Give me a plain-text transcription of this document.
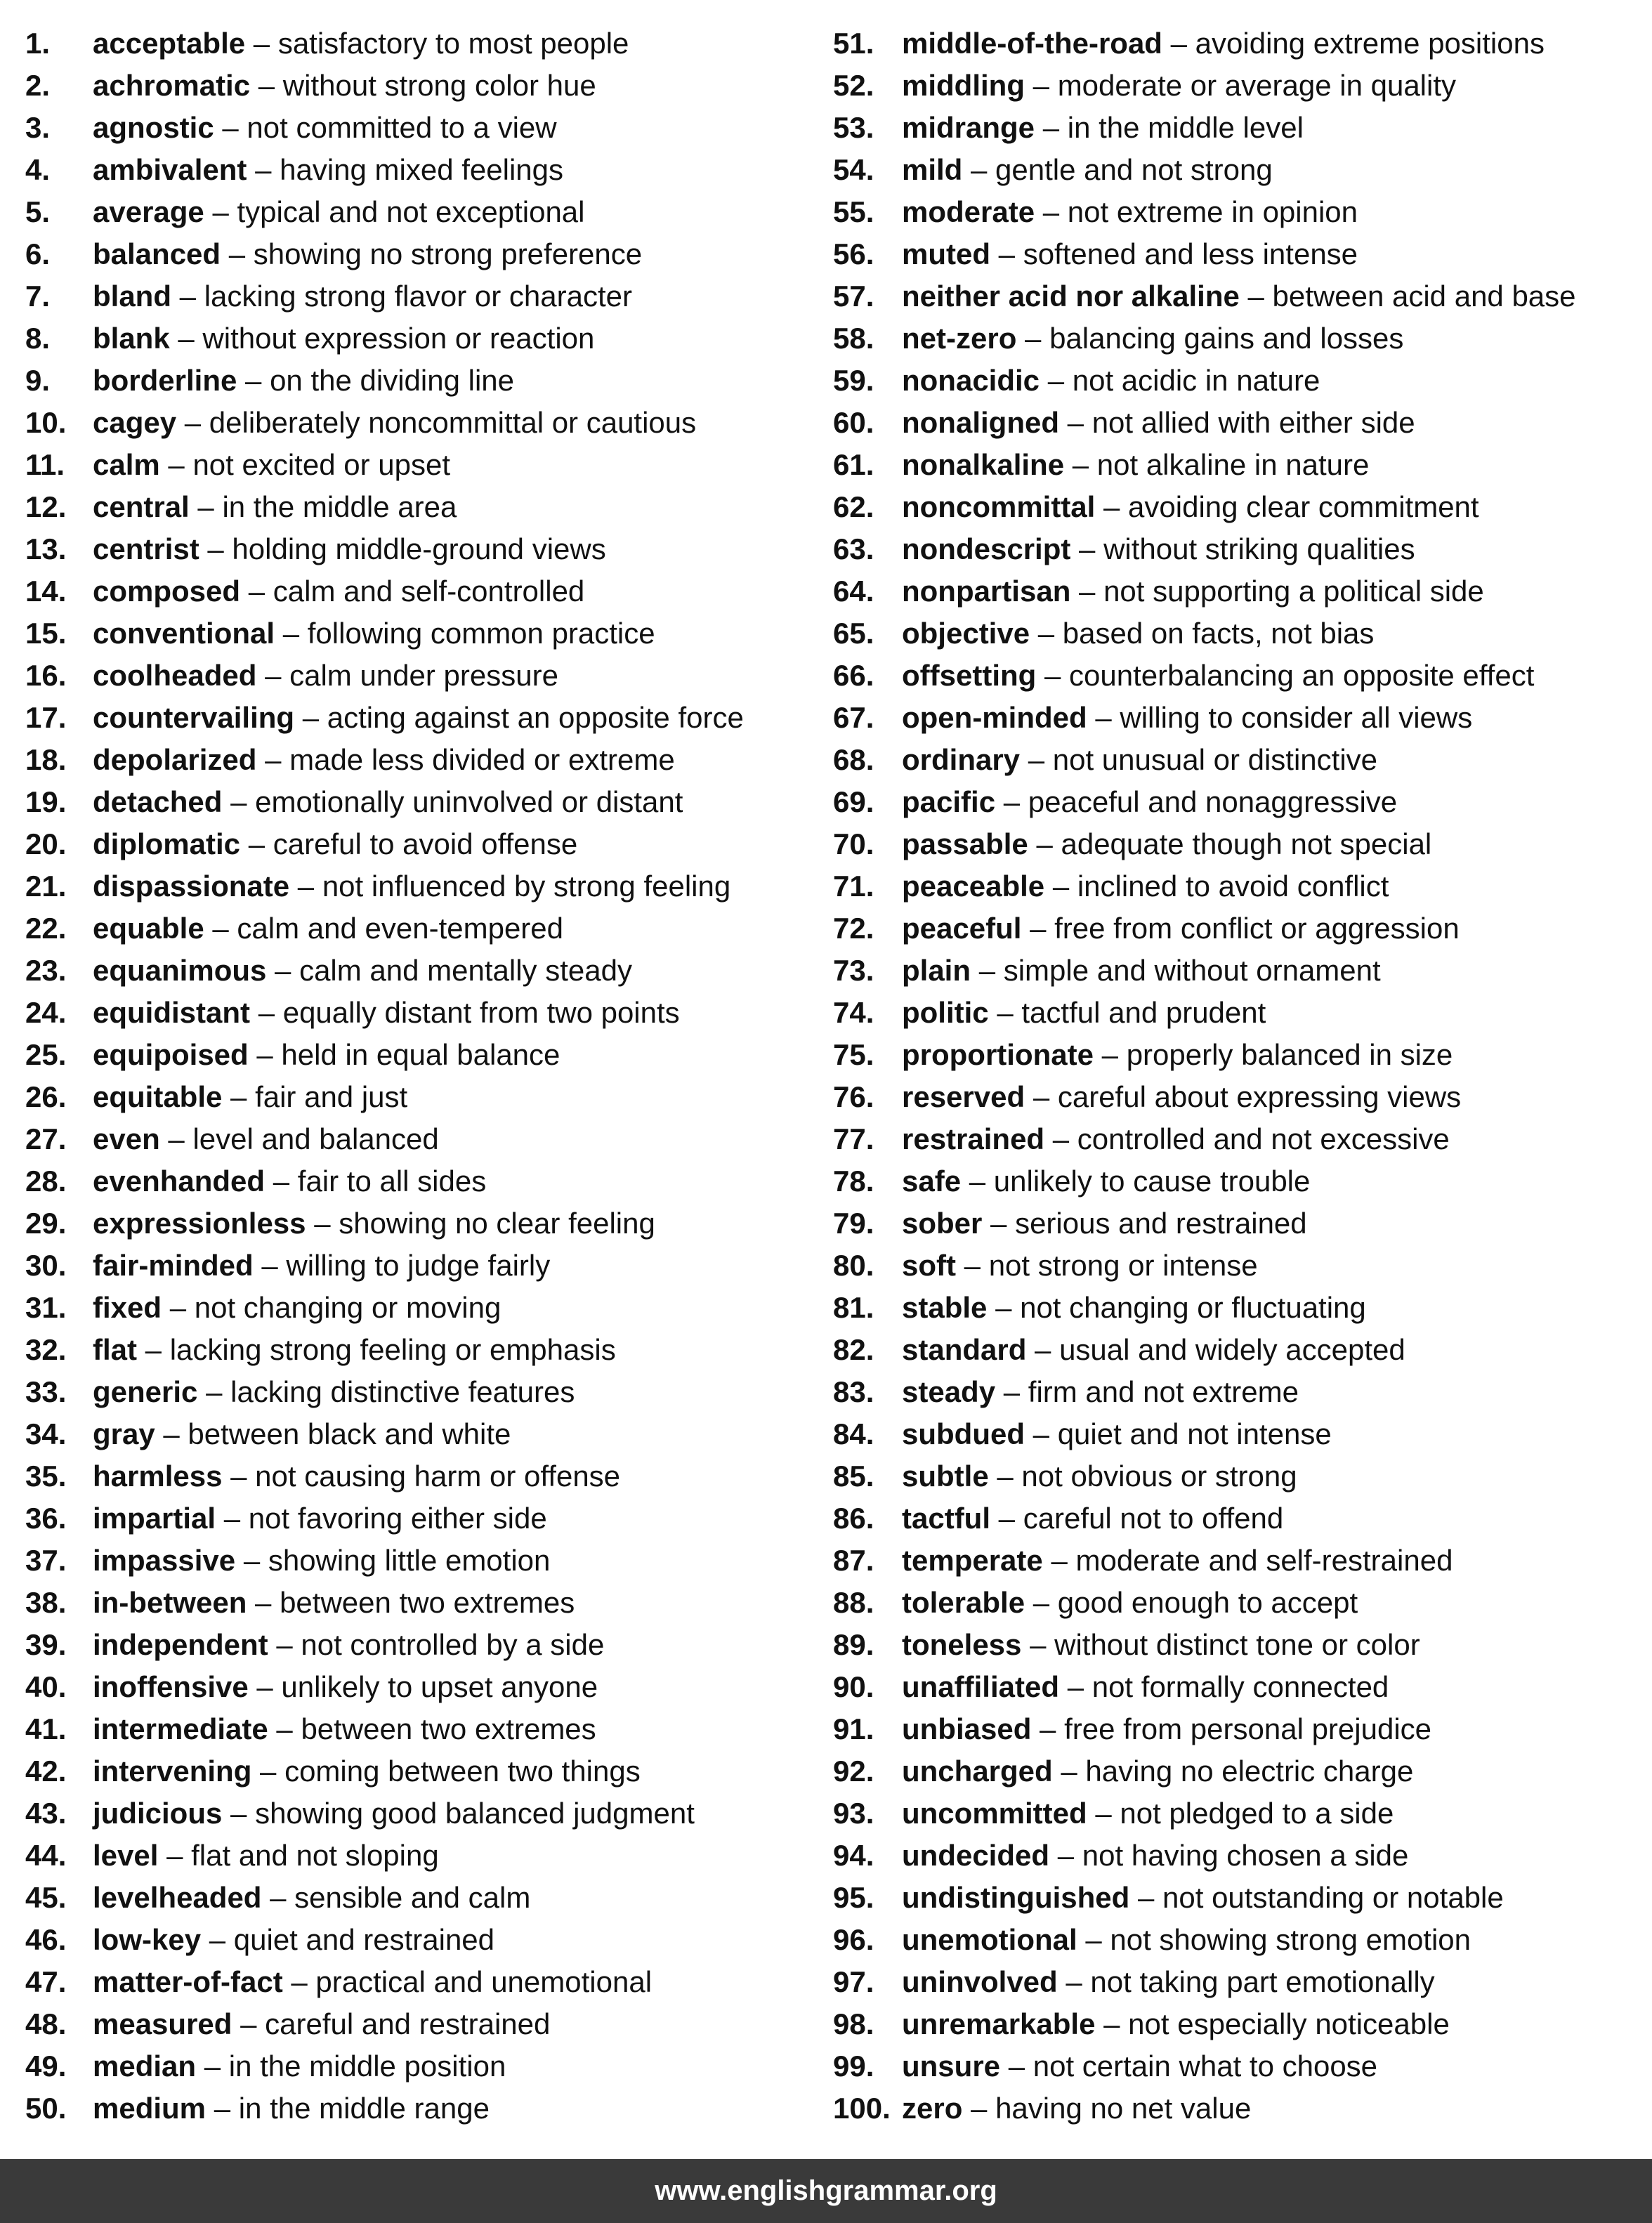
1. acceptable – satisfactory to most people
2. achromatic – without strong color hue
3. agnostic – not committed to a view
4. ambivalent – having mixed feelings
5. average – typical and not exceptional
6. balanced – showing no strong preference
7. bland – lacking strong flavor or character
8. blank – without expression or reaction
9. borderline – on the dividing line
10. cagey – deliberately noncommittal or cautious
11. calm – not excited or upset
12. central – in the middle area
13. centrist – holding middle-ground views
14. composed – calm and self-controlled
15. conventional – following common practice
16. coolheaded – calm under pressure
17. countervailing – acting against an opposite force
18. depolarized – made less divided or extreme
19. detached – emotionally uninvolved or distant
20. diplomatic – careful to avoid offense
21. dispassionate – not influenced by strong feeling
22. equable – calm and even-tempered
23. equanimous – calm and mentally steady
24. equidistant – equally distant from two points
25. equipoised – held in equal balance
26. equitable – fair and just
27. even – level and balanced
28. evenhanded – fair to all sides
29. expressionless – showing no clear feeling
30. fair-minded – willing to judge fairly
31. fixed – not changing or moving
32. flat – lacking strong feeling or emphasis
33. generic – lacking distinctive features
34. gray – between black and white
35. harmless – not causing harm or offense
36. impartial – not favoring either side
37. impassive – showing little emotion
38. in-between – between two extremes
39. independent – not controlled by a side
40. inoffensive – unlikely to upset anyone
41. intermediate – between two extremes
42. intervening – coming between two things
43. judicious – showing good balanced judgment
44. level – flat and not sloping
45. levelheaded – sensible and calm
46. low-key – quiet and restrained
47. matter-of-fact – practical and unemotional
48. measured – careful and restrained
49. median – in the middle position
50. medium – in the middle range
51. middle-of-the-road – avoiding extreme positions
52. middling – moderate or average in quality
53. midrange – in the middle level
54. mild – gentle and not strong
55. moderate – not extreme in opinion
56. muted – softened and less intense
57. neither acid nor alkaline – between acid and base
58. net-zero – balancing gains and losses
59. nonacidic – not acidic in nature
60. nonaligned – not allied with either side
61. nonalkaline – not alkaline in nature
62. noncommittal – avoiding clear commitment
63. nondescript – without striking qualities
64. nonpartisan – not supporting a political side
65. objective – based on facts, not bias
66. offsetting – counterbalancing an opposite effect
67. open-minded – willing to consider all views
68. ordinary – not unusual or distinctive
69. pacific – peaceful and nonaggressive
70. passable – adequate though not special
71. peaceable – inclined to avoid conflict
72. peaceful – free from conflict or aggression
73. plain – simple and without ornament
74. politic – tactful and prudent
75. proportionate – properly balanced in size
76. reserved – careful about expressing views
77. restrained – controlled and not excessive
78. safe – unlikely to cause trouble
79. sober – serious and restrained
80. soft – not strong or intense
81. stable – not changing or fluctuating
82. standard – usual and widely accepted
83. steady – firm and not extreme
84. subdued – quiet and not intense
85. subtle – not obvious or strong
86. tactful – careful not to offend
87. temperate – moderate and self-restrained
88. tolerable – good enough to accept
89. toneless – without distinct tone or color
90. unaffiliated – not formally connected
91. unbiased – free from personal prejudice
92. uncharged – having no electric charge
93. uncommitted – not pledged to a side
94. undecided – not having chosen a side
95. undistinguished – not outstanding or notable
96. unemotional – not showing strong emotion
97. uninvolved – not taking part emotionally
98. unremarkable – not especially noticeable
99. unsure – not certain what to choose
100. zero – having no net value
www.englishgrammar.org
